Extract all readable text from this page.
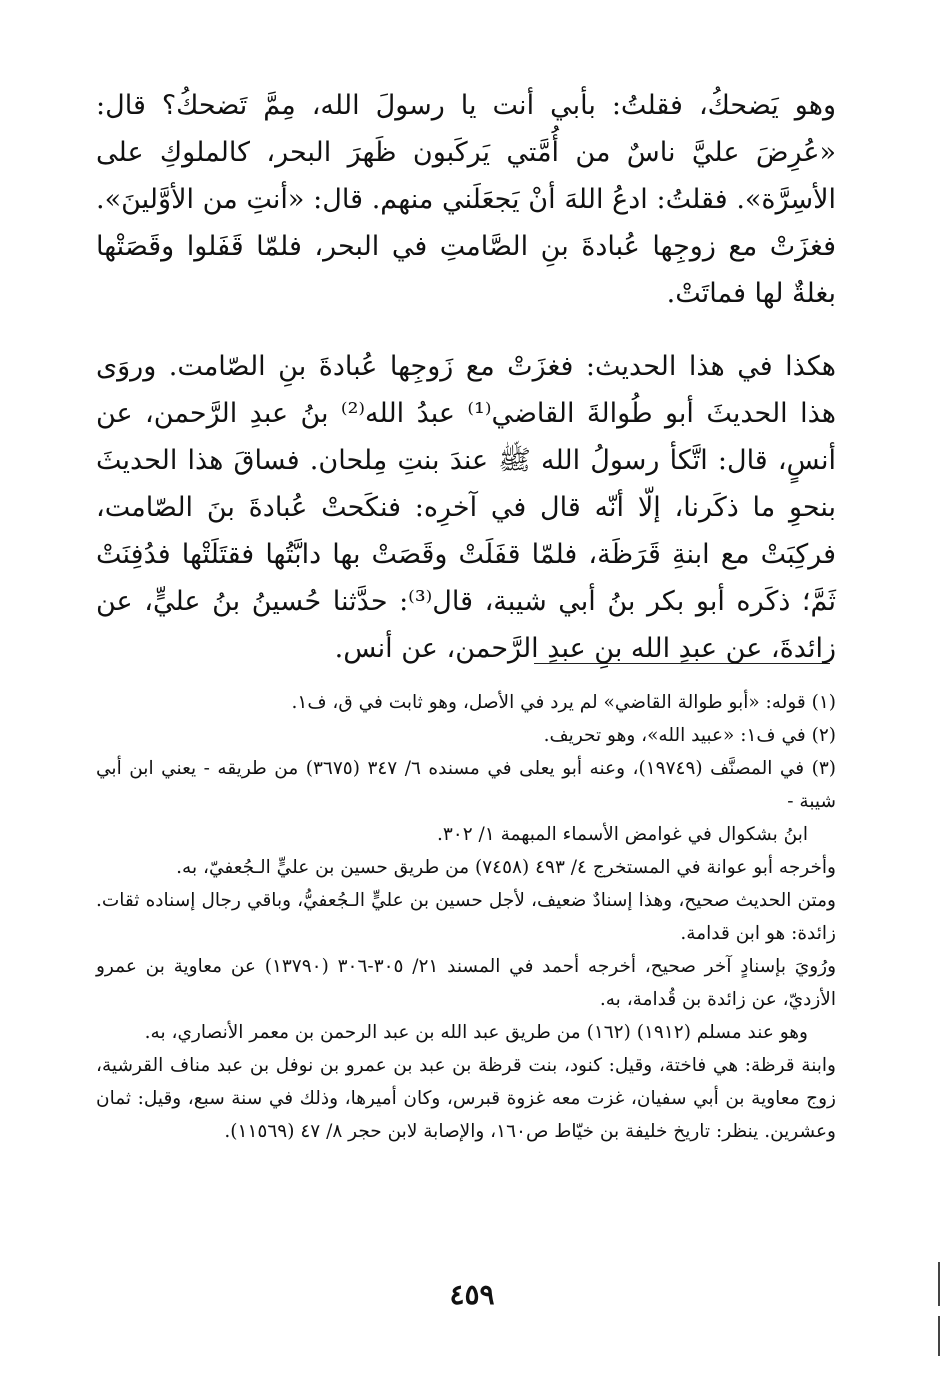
وهو يَضحكُ، فقلتُ: بأبي أنت يا رسولَ الله، مِمَّ تَضحكُ؟ قال: «عُرِضَ عليَّ ناسٌ من أُمَّتي يَركَبون ظَهرَ البحر، كالملوكِ على الأسِرَّة». فقلتُ: ادعُ اللهَ أنْ يَجعَلَني منهم. قال: «أنتِ من الأوَّلينَ». فغزَتْ مع زوجِها عُبادةَ بنِ الصَّامتِ في البحر، فلمّا قَفَلوا وقَصَتْها بغلةٌ لها فماتَتْ.

هكذا في هذا الحديث: فغزَتْ مع زَوجِها عُبادةَ بنِ الصّامت. وروَى هذا الحديثَ أبو طُوالةَ القاضي⁽¹⁾ عبدُ الله⁽²⁾ بنُ عبدِ الرَّحمن، عن أنسٍ، قال: اتَّكأ رسولُ الله ﷺ عندَ بنتِ مِلحان. فساقَ هذا الحديثَ بنحوِ ما ذكَرنا، إلّا أنّه قال في آخرِه: فنكَحتْ عُبادةَ بنَ الصّامت، فركِبَتْ مع ابنةِ قَرَظَة، فلمّا قفَلَتْ وقَصَتْ بها دابَّتُها فقتَلَتْها فدُفِنَتْ ثَمَّ؛ ذكَره أبو بكر بنُ أبي شيبة، قال⁽³⁾: حدَّثنا حُسينُ بنُ عليٍّ، عن زائدةَ، عن عبدِ الله بنِ عبدِ الرَّحمن، عن أنس.

(١) قوله: «أبو طوالة القاضي» لم يرد في الأصل، وهو ثابت في ق، ف١.

(٢) في ف١: «عبيد الله»، وهو تحريف.

(٣) في المصنَّف (١٩٧٤٩)، وعنه أبو يعلى في مسنده ٦/ ٣٤٧ (٣٦٧٥) من طريقه - يعني ابن أبي شيبة -

ابنُ بشكوال في غوامض الأسماء المبهمة ١/ ٣٠٢.

وأخرجه أبو عوانة في المستخرج ٤/ ٤٩٣ (٧٤٥٨) من طريق حسين بن عليٍّ الـجُعفيّ، به.

ومتن الحديث صحيح، وهذا إسنادٌ ضعيف، لأجل حسين بن عليٍّ الـجُعفيُّ، وباقي رجال إسناده ثقات. زائدة: هو ابن قدامة.

ورُويَ بإسنادٍ آخر صحيح، أخرجه أحمد في المسند ٢١/ ٣٠٥-٣٠٦ (١٣٧٩٠) عن معاوية بن عمرو الأزديّ، عن زائدة بن قُدامة، به.

وهو عند مسلم (١٩١٢) (١٦٢) من طريق عبد الله بن عبد الرحمن بن معمر الأنصاري، به.

وابنة قرظة: هي فاختة، وقيل: كنود، بنت قرظة بن عبد بن عمرو بن نوفل بن عبد مناف القرشية، زوج معاوية بن أبي سفيان، غزت معه غزوة قبرس، وكان أميرها، وذلك في سنة سبع، وقيل: ثمان وعشرين. ينظر: تاريخ خليفة بن خيّاط ص١٦٠، والإصابة لابن حجر ٨/ ٤٧ (١١٥٦٩).

٤٥٩
